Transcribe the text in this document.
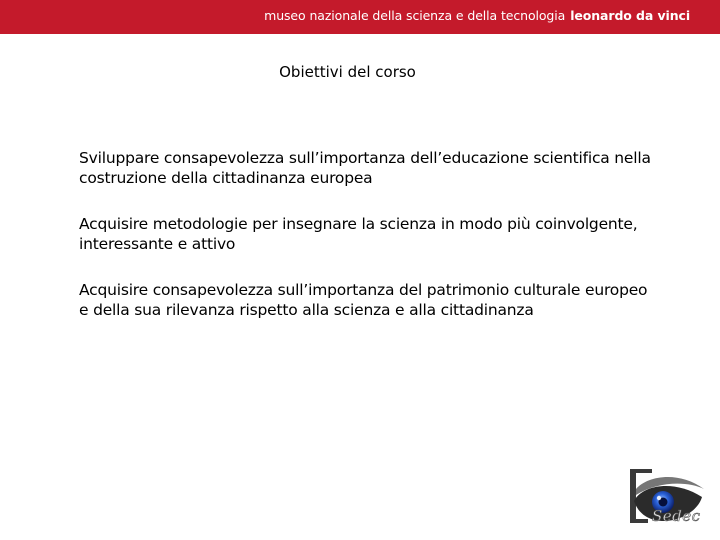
museo nazionale della scienza e della tecnologia leonardo da vinci
Obiettivi del corso
Sviluppare consapevolezza sull’importanza dell’educazione scientifica nella costruzione della cittadinanza europea
Acquisire metodologie per insegnare la scienza in modo più coinvolgente, interessante e attivo
Acquisire consapevolezza sull’importanza del patrimonio culturale europeo e della sua rilevanza rispetto alla scienza e alla cittadinanza
Sedec
